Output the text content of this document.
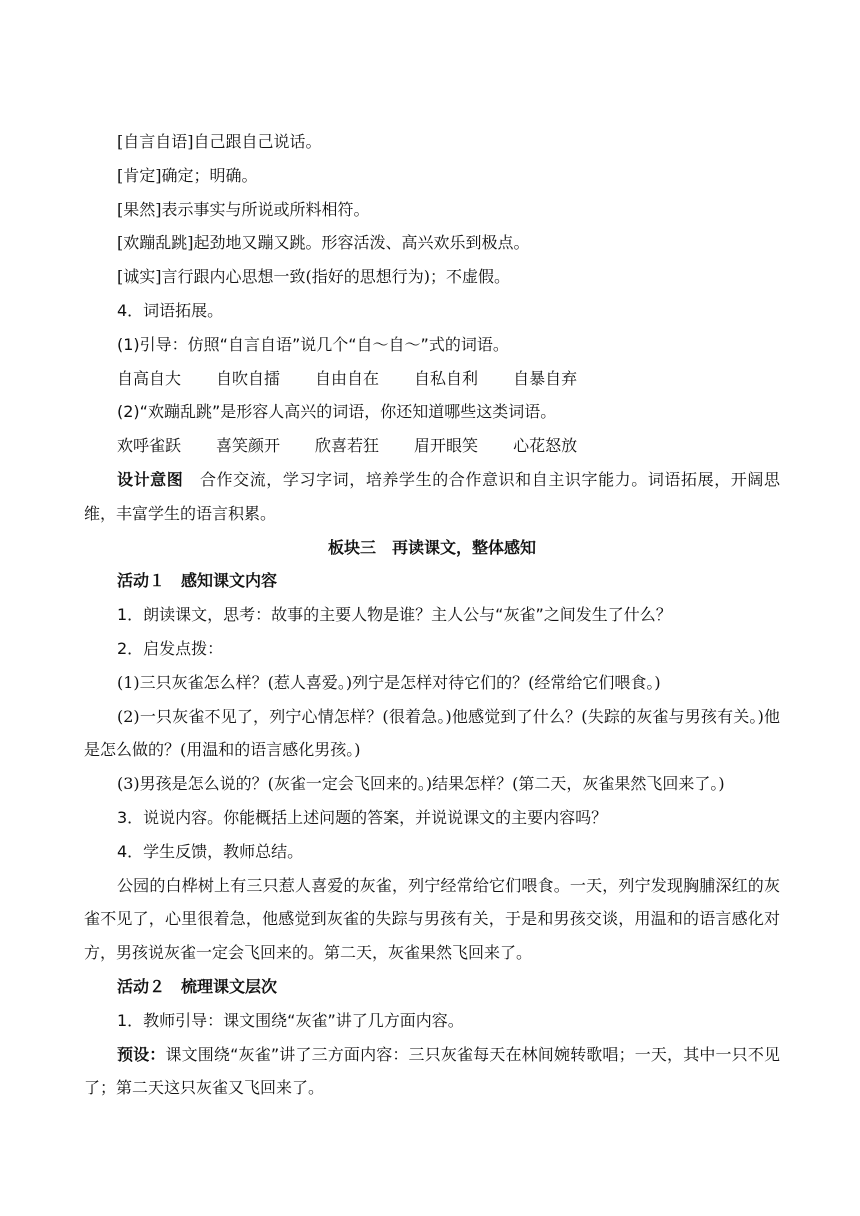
[自言自语]自己跟自己说话。
[肯定]确定；明确。
[果然]表示事实与所说或所料相符。
[欢蹦乱跳]起劲地又蹦又跳。形容活泼、高兴欢乐到极点。
[诚实]言行跟内心思想一致(指好的思想行为)；不虚假。
4．词语拓展。
(1)引导：仿照“自言自语”说几个“自～自～”式的词语。
自高自大 自吹自擂 自由自在 自私自利 自暴自弃
(2)“欢蹦乱跳”是形容人高兴的词语，你还知道哪些这类词语。
欢呼雀跃 喜笑颜开 欣喜若狂 眉开眼笑 心花怒放
设计意图　 合作交流，学习字词，培养学生的合作意识和自主识字能力。词语拓展，开阔思维，丰富学生的语言积累。
板块三　再读课文，整体感知
活动１　感知课文内容
1．朗读课文，思考：故事的主要人物是谁？主人公与“灰雀”之间发生了什么？
2．启发点拨：
(1)三只灰雀怎么样？(惹人喜爱。)列宁是怎样对待它们的？(经常给它们喂食。)
(2)一只灰雀不见了，列宁心情怎样？(很着急。)他感觉到了什么？(失踪的灰雀与男孩有关。)他是怎么做的？(用温和的语言感化男孩。)
(3)男孩是怎么说的？(灰雀一定会飞回来的。)结果怎样？(第二天，灰雀果然飞回来了。)
3．说说内容。你能概括上述问题的答案，并说说课文的主要内容吗？
4．学生反馈，教师总结。
公园的白桦树上有三只惹人喜爱的灰雀，列宁经常给它们喂食。一天，列宁发现胸脯深红的灰雀不见了，心里很着急，他感觉到灰雀的失踪与男孩有关，于是和男孩交谈，用温和的语言感化对方，男孩说灰雀一定会飞回来的。第二天，灰雀果然飞回来了。
活动２　梳理课文层次
1．教师引导：课文围绕“灰雀”讲了几方面内容。
预设：课文围绕“灰雀”讲了三方面内容：三只灰雀每天在林间婉转歌唱；一天，其中一只不见了；第二天这只灰雀又飞回来了。
